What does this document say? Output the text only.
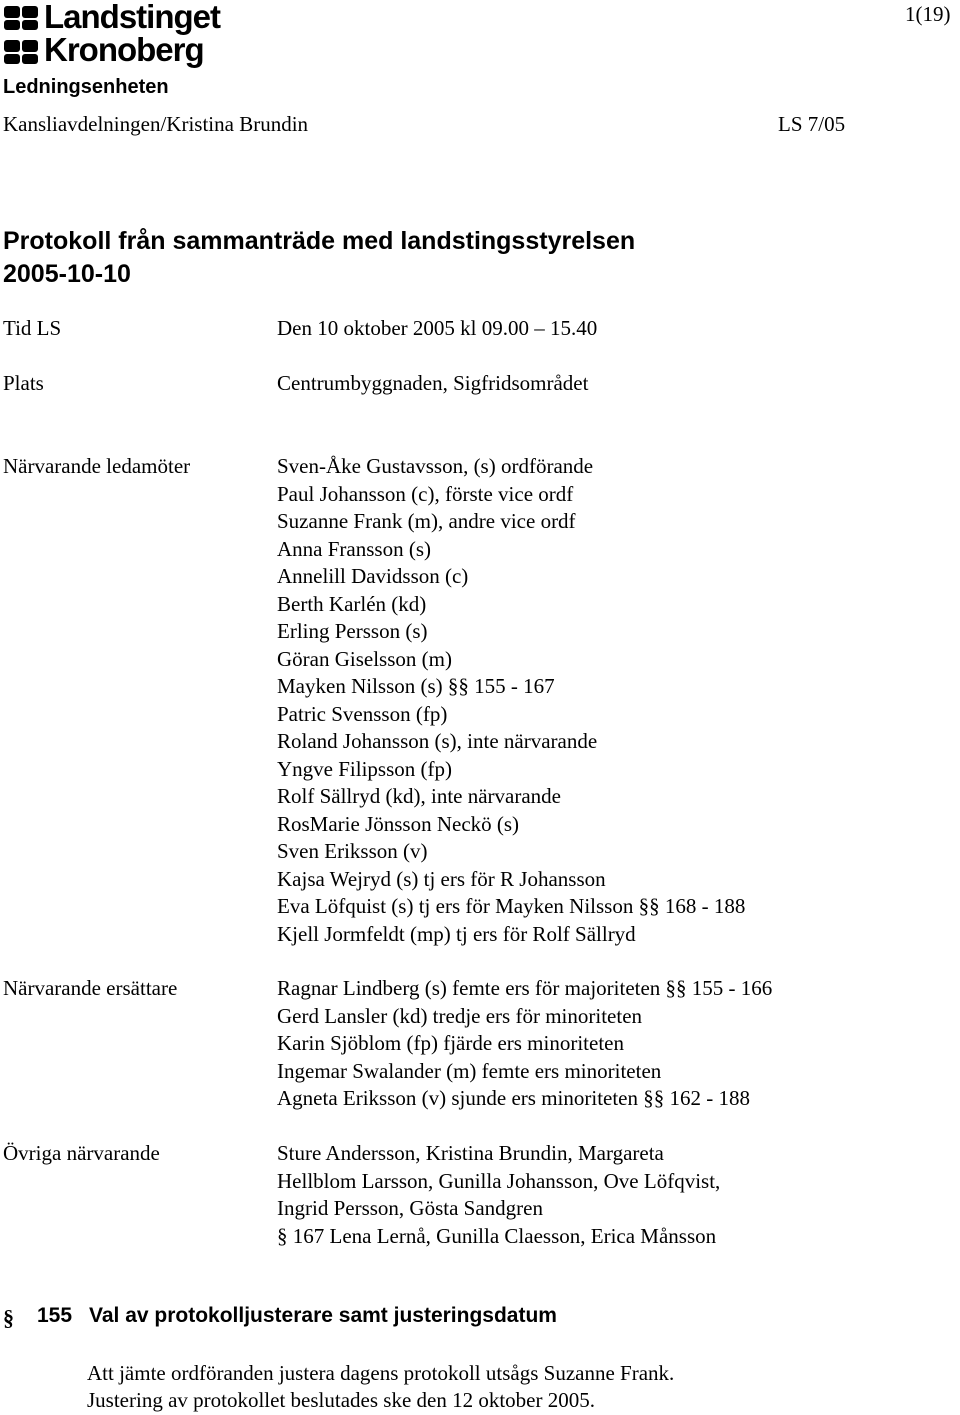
Landstinget
Kronoberg
1(19)
Ledningsenheten
Kansliavdelningen/Kristina Brundin	LS 7/05
Protokoll från sammanträde med landstingsstyrelsen
2005-10-10
Tid LS	Den 10 oktober 2005 kl 09.00 – 15.40
Plats	Centrumbyggnaden, Sigfridsområdet
Närvarande ledamöter	Sven-Åke Gustavsson, (s) ordförande
Paul Johansson (c), förste vice ordf
Suzanne Frank (m), andre vice ordf
Anna Fransson (s)
Annelill Davidsson (c)
Berth Karlén (kd)
Erling Persson (s)
Göran Giselsson (m)
Mayken Nilsson (s) §§ 155 - 167
Patric Svensson (fp)
Roland Johansson (s), inte närvarande
Yngve Filipsson (fp)
Rolf Sällryd (kd), inte närvarande
RosMarie Jönsson Neckö (s)
Sven Eriksson (v)
Kajsa Wejryd (s) tj ers för R Johansson
Eva Löfquist (s) tj ers för Mayken Nilsson §§ 168 - 188
Kjell Jormfeldt (mp) tj ers för Rolf Sällryd
Närvarande ersättare	Ragnar Lindberg (s) femte ers för majoriteten §§ 155 - 166
Gerd Lansler (kd) tredje ers för minoriteten
Karin Sjöblom (fp) fjärde ers minoriteten
Ingemar Swalander (m) femte ers minoriteten
Agneta Eriksson (v) sjunde ers minoriteten §§ 162 - 188
Övriga närvarande	Sture Andersson, Kristina Brundin, Margareta
Hellblom Larsson, Gunilla Johansson, Ove Löfqvist,
Ingrid Persson, Gösta Sandgren
§ 167 Lena Lernå, Gunilla Claesson, Erica Månsson
§ 155 Val av protokolljusterare samt justeringsdatum
Att jämte ordföranden justera dagens protokoll utsågs Suzanne Frank.
Justering av protokollet beslutades ske den 12 oktober 2005.
